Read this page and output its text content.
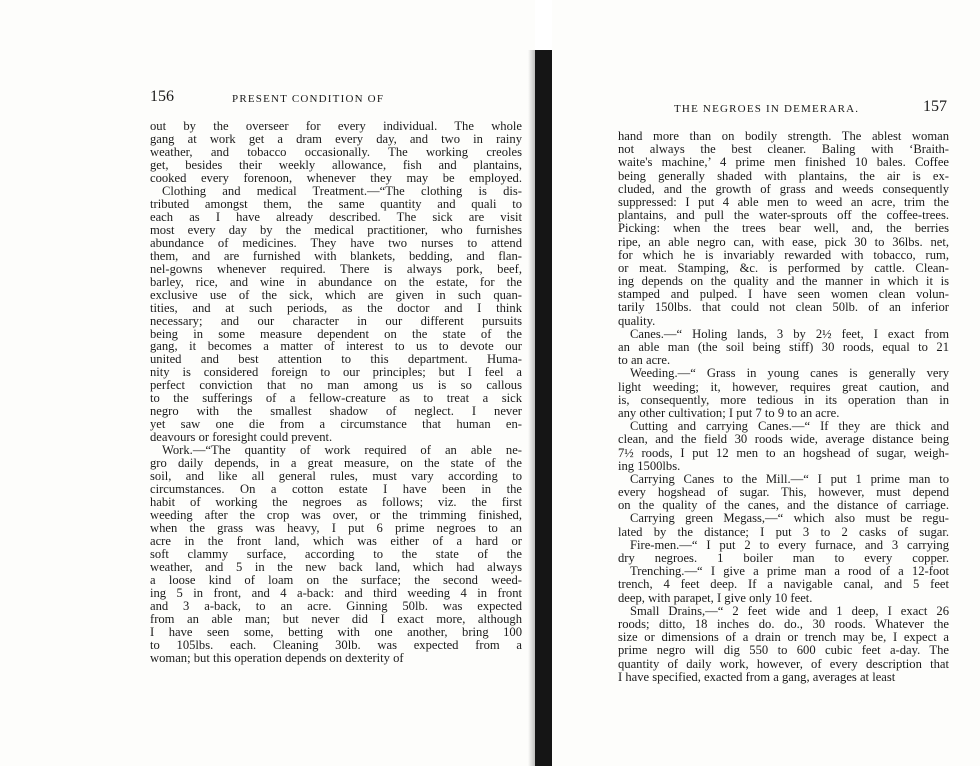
156	PRESENT CONDITION OF
out by the overseer for every individual. The whole
gang at work get a dram every day, and two in rainy
weather, and tobacco occasionally. The working creoles
get, besides their weekly allowance, fish and plantains,
cooked every forenoon, whenever they may be employed.
Clothing and medical Treatment.—“The clothing is dis-
tributed amongst them, the same quantity and quali to
each as I have already described. The sick are visit
most every day by the medical practitioner, who furnishes
abundance of medicines. They have two nurses to attend
them, and are furnished with blankets, bedding, and flan-
nel-gowns whenever required. There is always pork, beef,
barley, rice, and wine in abundance on the estate, for the
exclusive use of the sick, which are given in such quan-
tities, and at such periods, as the doctor and I think
necessary; and our character in our different pursuits
being in some measure dependent on the state of the
gang, it becomes a matter of interest to us to devote our
united and best attention to this department. Huma-
nity is considered foreign to our principles; but I feel a
perfect conviction that no man among us is so callous
to the sufferings of a fellow-creature as to treat a sick
negro with the smallest shadow of neglect. I never
yet saw one die from a circumstance that human en-
deavours or foresight could prevent.
Work.—“The quantity of work required of an able ne-
gro daily depends, in a great measure, on the state of the
soil, and like all general rules, must vary according to
circumstances. On a cotton estate I have been in the
habit of working the negroes as follows; viz. the first
weeding after the crop was over, or the trimming finished,
when the grass was heavy, I put 6 prime negroes to an
acre in the front land, which was either of a hard or
soft clammy surface, according to the state of the
weather, and 5 in the new back land, which had always
a loose kind of loam on the surface; the second weed-
ing 5 in front, and 4 a-back: and third weeding 4 in front
and 3 a-back, to an acre. Ginning 50lb. was expected
from an able man; but never did I exact more, although
I have seen some, betting with one another, bring 100
to 105lbs. each. Cleaning 30lb. was expected from a
woman; but this operation depends on dexterity of
THE NEGROES IN DEMERARA.	157
hand more than on bodily strength. The ablest woman
not always the best cleaner. Baling with ‘Braith-
waite's machine,’ 4 prime men finished 10 bales. Coffee
being generally shaded with plantains, the air is ex-
cluded, and the growth of grass and weeds consequently
suppressed: I put 4 able men to weed an acre, trim the
plantains, and pull the water-sprouts off the coffee-trees.
Picking: when the trees bear well, and, the berries
ripe, an able negro can, with ease, pick 30 to 36lbs. net,
for which he is invariably rewarded with tobacco, rum,
or meat. Stamping, &c. is performed by cattle. Clean-
ing depends on the quality and the manner in which it is
stamped and pulped. I have seen women clean volun-
tarily 150lbs. that could not clean 50lb. of an inferior
quality.
Canes.—“ Holing lands, 3 by 2½ feet, I exact from
an able man (the soil being stiff) 30 roods, equal to 21
to an acre.
Weeding.—“ Grass in young canes is generally very
light weeding; it, however, requires great caution, and
is, consequently, more tedious in its operation than in
any other cultivation; I put 7 to 9 to an acre.
Cutting and carrying Canes.—“ If they are thick and
clean, and the field 30 roods wide, average distance being
7½ roods, I put 12 men to an hogshead of sugar, weigh-
ing 1500lbs.
Carrying Canes to the Mill.—“ I put 1 prime man to
every hogshead of sugar. This, however, must depend
on the quality of the canes, and the distance of carriage.
Carrying green Megass,—“ which also must be regu-
lated by the distance; I put 3 to 2 casks of sugar.
Fire-men.—“ I put 2 to every furnace, and 3 carrying
dry negroes. 1 boiler man to every copper.
Trenching.—“ I give a prime man a rood of a 12-foot
trench, 4 feet deep. If a navigable canal, and 5 feet
deep, with parapet, I give only 10 feet.
Small Drains,—“ 2 feet wide and 1 deep, I exact 26
roods; ditto, 18 inches do. do., 30 roods. Whatever the
size or dimensions of a drain or trench may be, I expect a
prime negro will dig 550 to 600 cubic feet a-day. The
quantity of daily work, however, of every description that
I have specified, exacted from a gang, averages at least
